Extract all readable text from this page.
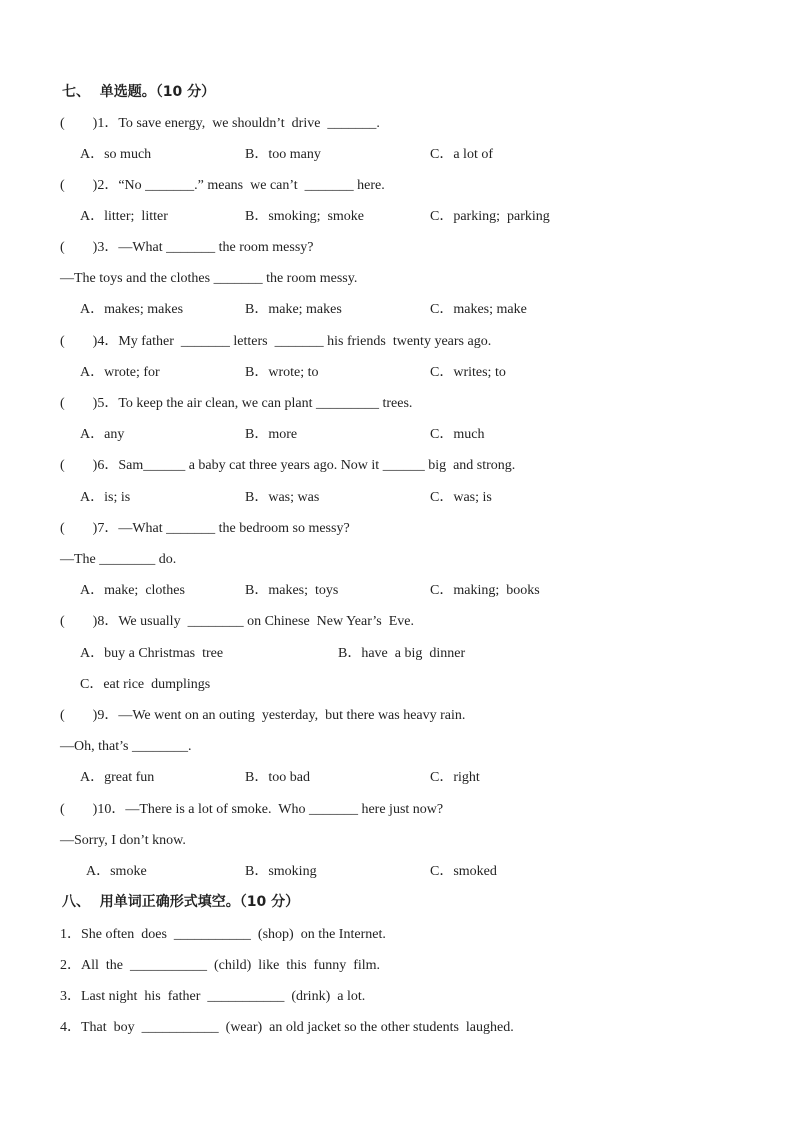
七、  单选题。（10 分）
(        )1．To save energy,  we shouldn’t  drive  _______.
A．so much	B．too many	C．a lot of
(        )2．“No _______.” means  we can’t  _______ here.
A．litter;  litter	B．smoking;  smoke	C．parking;  parking
(        )3．—What _______ the room messy?
—The toys and the clothes _______ the room messy.
A．makes; makes	B．make; makes	C．makes; make
(        )4．My father  _______ letters  _______ his friends  twenty years ago.
A．wrote; for	B．wrote; to	C．writes; to
(        )5．To keep the air clean, we can plant _________ trees.
A．any	B．more	C．much
(        )6．Sam______ a baby cat three years ago. Now it ______ big  and strong.
A．is; is	B．was; was	C．was; is
(        )7．—What _______ the bedroom so messy?
—The ________ do.
A．make;  clothes	B．makes;  toys	C．making;  books
(        )8．We usually  ________ on Chinese  New Year’s  Eve.
A．buy a Christmas  tree	B．have  a big  dinner
C．eat rice  dumplings
(        )9．—We went on an outing  yesterday,  but there was heavy rain.
—Oh, that’s ________.
A．great fun	B．too bad	C．right
(        )10．—There is a lot of smoke.  Who _______ here just now?
—Sorry, I don’t know.
A．smoke	B．smoking	C．smoked
八、  用单词正确形式填空。（10 分）
1．She often  does  ___________  (shop)  on the Internet.
2．All  the  ___________  (child)  like  this  funny  film.
3．Last night  his  father  ___________  (drink)  a lot.
4．That  boy  ___________  (wear)  an old jacket so the other students  laughed.
